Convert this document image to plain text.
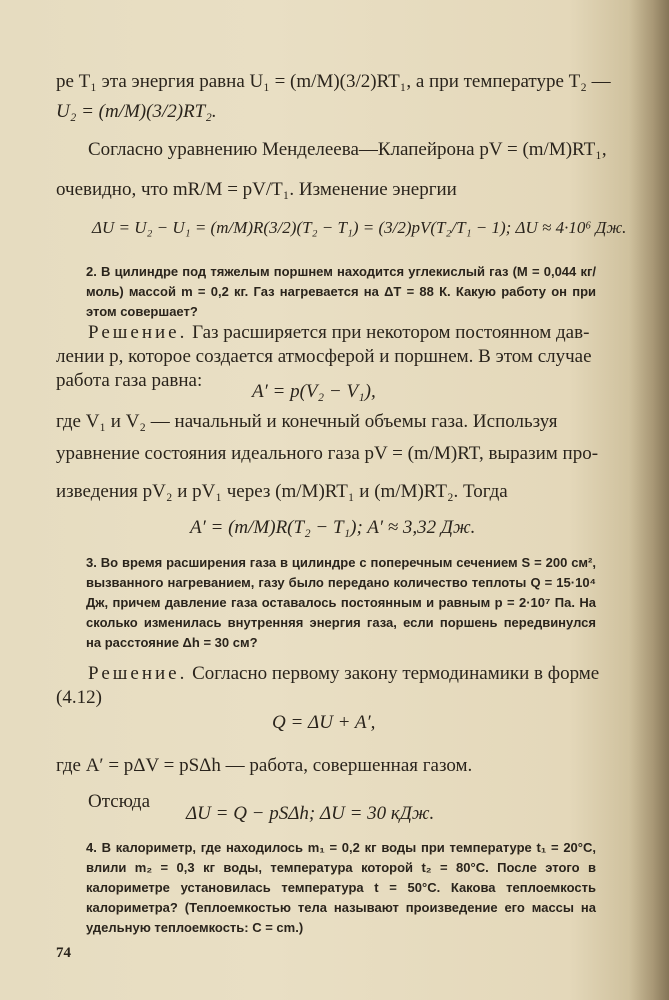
ре T₁ эта энергия равна U₁ = (m/M)(3/2)RT₁, а при температуре T₂ —
U₂ = (m/M)(3/2)RT₂.
Согласно уравнению Менделеева—Клапейрона pV = (m/M)RT₁,
очевидно, что mR/M = pV/T₁. Изменение энергии
ΔU = U₂ − U₁ = (m/M)R(3/2)(T₂ − T₁) = (3/2)pV(T₂/T₁ − 1); ΔU ≈ 4·10⁶ Дж.
2. В цилиндре под тяжелым поршнем находится углекислый газ (M = 0,044 кг/моль) массой m = 0,2 кг. Газ нагревается на ΔT = 88 К. Какую работу он при этом совершает?
Решение. Газ расширяется при некотором постоянном дав-
лении p, которое создается атмосферой и поршнем. В этом случае
работа газа равна:
A′ = p(V₂ − V₁),
где V₁ и V₂ — начальный и конечный объемы газа. Используя
уравнение состояния идеального газа pV = (m/M)RT, выразим про-
изведения pV₂ и pV₁ через (m/M)RT₁ и (m/M)RT₂. Тогда
A′ = (m/M)R(T₂ − T₁); A′ ≈ 3,32 Дж.
3. Во время расширения газа в цилиндре с поперечным сечением S = 200 см², вызванного нагреванием, газу было передано количество теплоты Q = 15·10⁴ Дж, причем давление газа оставалось постоянным и равным p = 2·10⁷ Па. На сколько изменилась внутренняя энергия газа, если поршень передвинулся на расстояние Δh = 30 см?
Решение. Согласно первому закону термодинамики в форме
(4.12)
Q = ΔU + A′,
где A′ = pΔV = pSΔh — работа, совершенная газом.
Отсюда
ΔU = Q − pSΔh; ΔU = 30 кДж.
4. В калориметр, где находилось m₁ = 0,2 кг воды при температуре t₁ = 20°C, влили m₂ = 0,3 кг воды, температура которой t₂ = 80°C. После этого в калориметре установилась температура t = 50°C. Какова теплоемкость калориметра? (Теплоемкостью тела называют произведение его массы на удельную теплоемкость: C = cm.)
74
